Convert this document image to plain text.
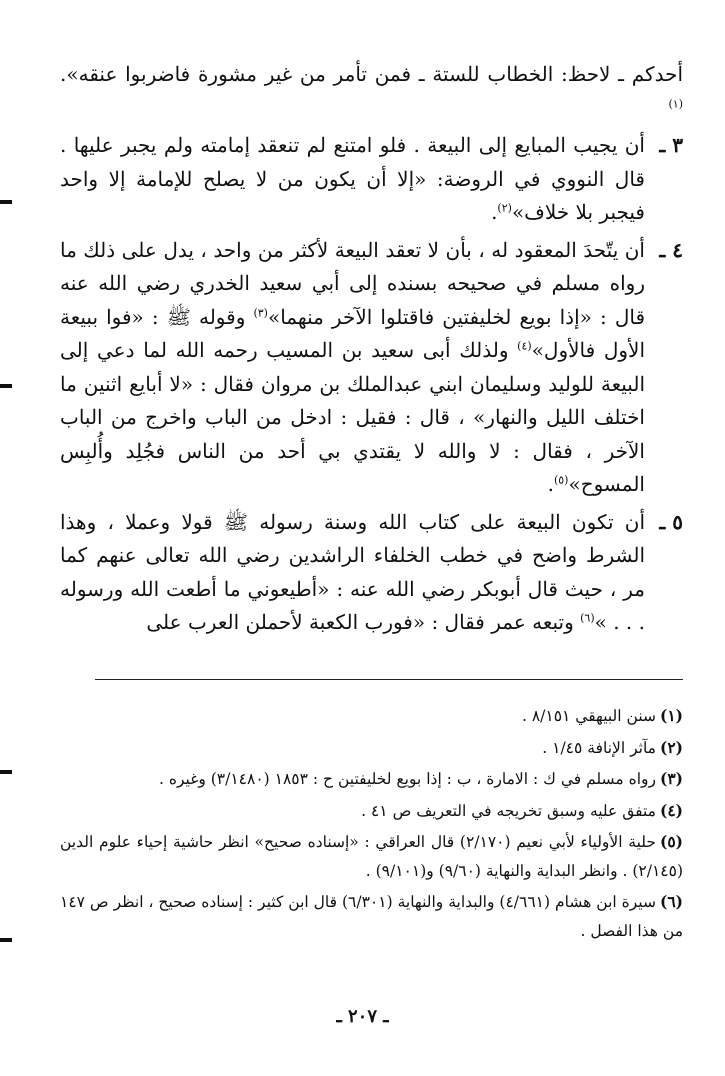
أحدكم ـ لاحظ: الخطاب للستة ـ فمن تأمر من غير مشورة فاضربوا عنقه». $^{(١)}$

٣ ـ
أن يجيب المبايع إلى البيعة . فلو امتنع لم تنعقد إمامته ولم يجبر عليها . قال النووي في الروضة: «إلا أن يكون من لا يصلح للإمامة إلا واحد فيجبر بلا خلاف»$^{(٢)}$.

٤ ـ
أن يتّحدَ المعقود له ، بأن لا تعقد البيعة لأكثر من واحد ، يدل على ذلك ما رواه مسلم في صحيحه بسنده إلى أبي سعيد الخدري رضي الله عنه قال : «إذا بويع لخليفتين فاقتلوا الآخر منهما»$^{(٣)}$ وقوله ﷺ : «فوا ببيعة الأول فالأول»$^{(٤)}$ ولذلك أبى سعيد بن المسيب رحمه الله لما دعي إلى البيعة للوليد وسليمان ابني عبدالملك بن مروان فقال : «لا أبايع اثنين ما اختلف الليل والنهار» ، قال : فقيل : ادخل من الباب واخرج من الباب الآخر ، فقال : لا والله لا يقتدي بي أحد من الناس فجُلِد وأُلبِس المسوح»$^{(٥)}$.

٥ ـ
أن تكون البيعة على كتاب الله وسنة رسوله ﷺ قولا وعملا ، وهذا الشرط واضح في خطب الخلفاء الراشدين رضي الله تعالى عنهم كما مر ، حيث قال أبوبكر رضي الله عنه : «أطيعوني ما أطعت الله ورسوله . . . »$^{(٦)}$ وتبعه عمر فقال : «فورب الكعبة لأحملن العرب على

(١)سنن البيهقي ٨/١٥١ .

(٢)مآثر الإنافة ١/٤٥ .

(٣)رواه مسلم في ك : الامارة ، ب : إذا بويع لخليفتين ح : ١٨٥٣ (٣/١٤٨٠) وغيره .

(٤)متفق عليه وسبق تخريجه في التعريف ص ٤١ .

(٥)حلية الأولياء لأبي نعيم (٢/١٧٠) قال العراقي : «إسناده صحيح» انظر حاشية إحياء علوم الدين (٢/١٤٥) . وانظر البداية والنهاية (٩/٦٠) و(٩/١٠١) .

(٦)سيرة ابن هشام (٤/٦٦١) والبداية والنهاية (٦/٣٠١) قال ابن كثير : إسناده صحيح ، انظر ص ١٤٧ من هذا الفصل .

ـ ٢٠٧ ـ
